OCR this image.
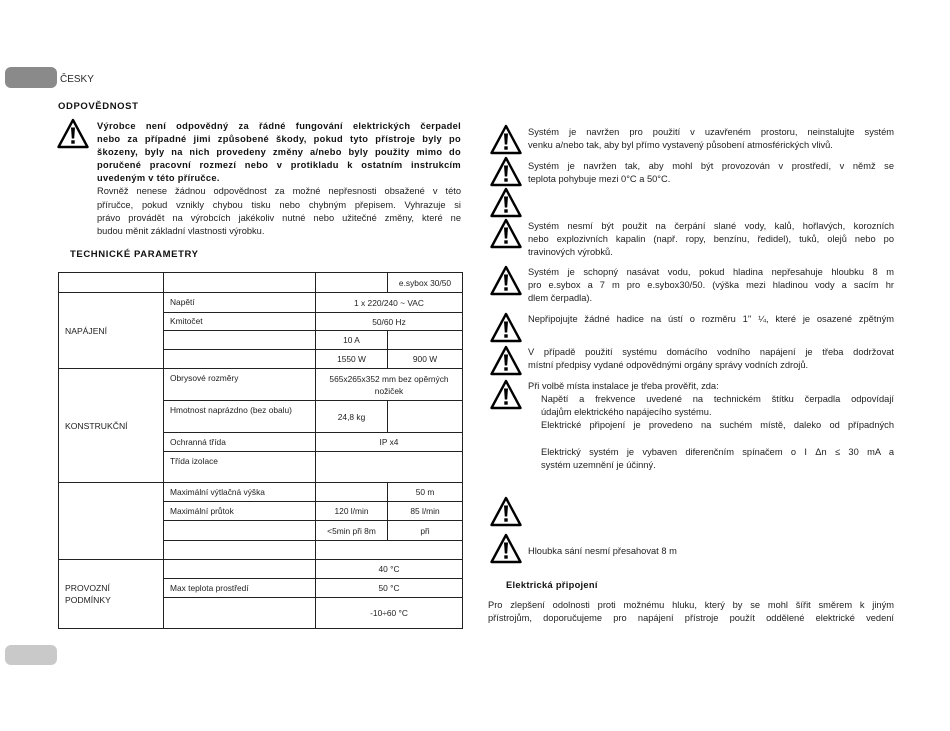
ČESKY
ODPOVĚDNOST
Výrobce není odpovědný za řádné fungování elektrických čerpadel
nebo za případné jimi způsobené škody, pokud tyto přístroje byly po
škozeny, byly na nich provedeny změny a/nebo byly použity mimo do
poručené pracovní rozmezí nebo v protikladu k ostatním instrukcím
uvedeným v této příručce.
Rovněž nenese žádnou odpovědnost za možné nepřesnosti obsažené v této
příručce, pokud vznikly chybou tisku nebo chybným přepisem. Vyhrazuje si
právo provádět na výrobcích jakékoliv nutné nebo užitečné změny, které ne
budou měnit základní vlastnosti výrobku.
TECHNICKÉ PARAMETRY
			e.sybox 30/50
NAPÁJENÍ	Napětí	1 x 220/240 ~ VAC	
	Kmitočet	50/60 Hz	
		10 A	
		1550 W	900 W
KONSTRUKČNÍ	Obrysové rozměry	565x265x352 mm bez opěrných nožiček	
	Hmotnost naprázdno (bez obalu)	24,8 kg	
	Ochranná třída	IP x4	
	Třída izolace		
	Maximální výtlačná výška		50 m
	Maximální průtok	120 l/min	85 l/min
		<5min při 8m	při

PROVOZNÍ
PODMÍNKY		40 °C	
	Max teplota prostředí	50 °C	
		-10÷60 °C	
Systém je navržen pro použití v uzavřeném prostoru, neinstalujte systém
venku a/nebo tak, aby byl přímo vystavený působení atmosférických vlivů.
Systém je navržen tak, aby mohl být provozován v prostředí, v němž se
teplota pohybuje mezi 0°C a 50°C.
Systém nesmí být použit na čerpání slané vody, kalů, hořlavých, korozních
nebo explozivních kapalin (např. ropy, benzínu, ředidel), tuků, olejů nebo po
travinových výrobků.
Systém je schopný nasávat vodu, pokud hladina nepřesahuje hloubku 8 m
pro e.sybox a 7 m pro e.sybox30/50. (výška mezi hladinou vody a sacím hr
dlem čerpadla).
Nepřipojujte žádné hadice na ústí o rozměru 1'' ¼, které je osazené zpětným
V případě použití systému domácího vodního napájení je třeba dodržovat
místní předpisy vydané odpovědnými orgány správy vodních zdrojů.
Při volbě místa instalace je třeba prověřit, zda:
Napětí a frekvence uvedené na technickém štítku čerpadla odpovídají
údajům elektrického napájecího systému.
Elektrické připojení je provedeno na suchém místě, daleko od případných
Elektrický systém je vybaven diferenčním spínačem o I Δn ≤ 30 mA a
systém uzemnění je účinný.
Hloubka sání nesmí přesahovat 8 m
Elektrická připojení
Pro zlepšení odolnosti proti možnému hluku, který by se mohl šířit směrem k jiným
přístrojům, doporučujeme pro napájení přístroje použít oddělené elektrické vedení
